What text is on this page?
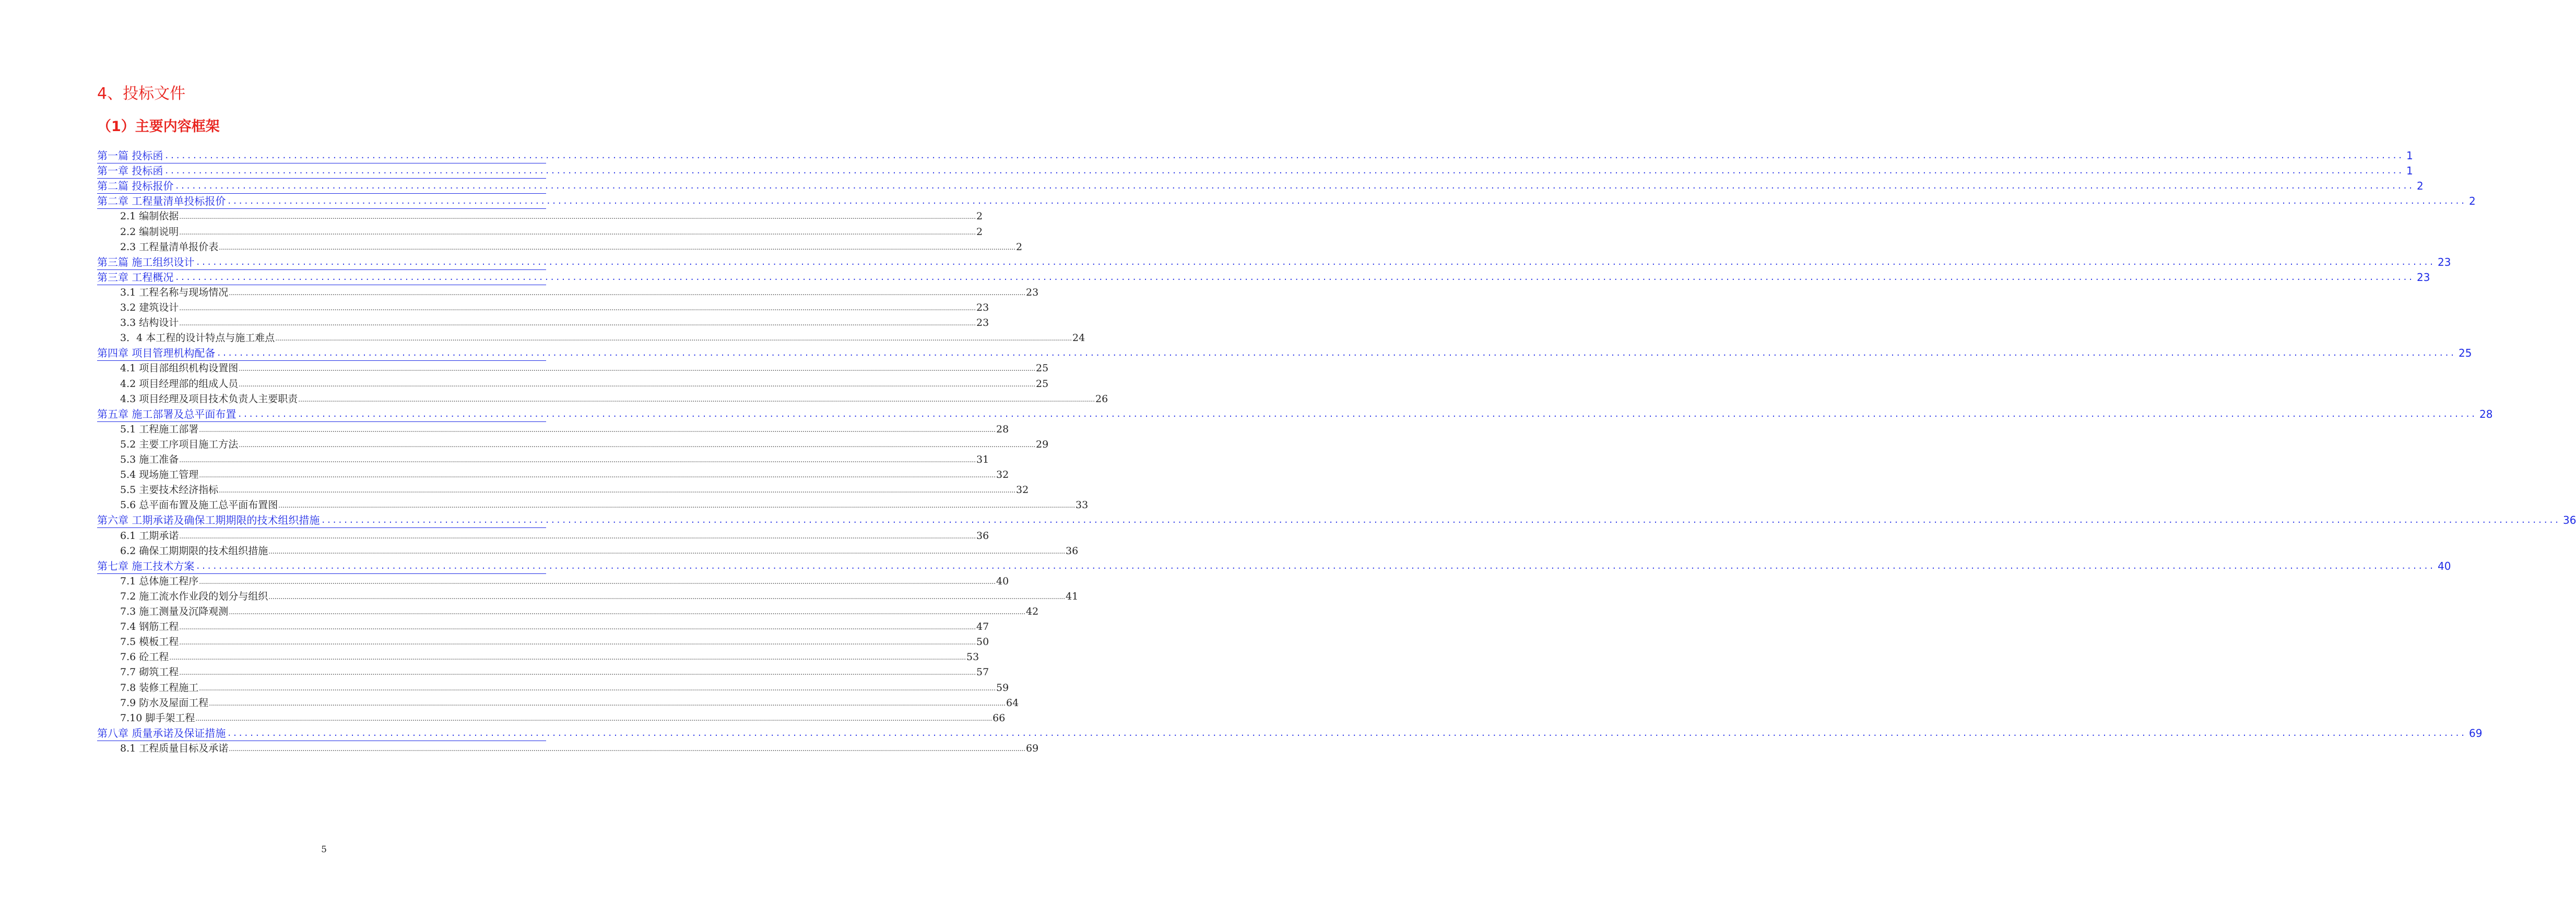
4、投标文件
（1）主要内容框架
第一篇 投标函 ................................................................................................................................................................................................................................................................................................................................................................................................................ 1
第一章 投标函 ................................................................................................................................................................................................................................................................................................................................................................................................................ 1
第二篇 投标报价 ................................................................................................................................................................................................................................................................................................................................................................................................................ 2
第二章 工程量清单投标报价 ................................................................................................................................................................................................................................................................................................................................................................................................................ 2
2.1 编制依据 ................................................................................................................................................................................................................................................................................................................................................................................................................ 2
2.2 编制说明 ................................................................................................................................................................................................................................................................................................................................................................................................................ 2
2.3 工程量清单报价表 ................................................................................................................................................................................................................................................................................................................................................................................................................ 2
第三篇 施工组织设计 ................................................................................................................................................................................................................................................................................................................................................................................................................ 23
第三章 工程概况 ................................................................................................................................................................................................................................................................................................................................................................................................................ 23
3.1 工程名称与现场情况 ................................................................................................................................................................................................................................................................................................................................................................................................................ 23
3.2 建筑设计 ................................................................................................................................................................................................................................................................................................................................................................................................................ 23
3.3 结构设计 ................................................................................................................................................................................................................................................................................................................................................................................................................ 23
3．4 本工程的设计特点与施工难点 ................................................................................................................................................................................................................................................................................................................................................................................................................ 24
第四章 项目管理机构配备 ................................................................................................................................................................................................................................................................................................................................................................................................................ 25
4.1 项目部组织机构设置图 ................................................................................................................................................................................................................................................................................................................................................................................................................ 25
4.2 项目经理部的组成人员 ................................................................................................................................................................................................................................................................................................................................................................................................................ 25
4.3 项目经理及项目技术负责人主要职责 ................................................................................................................................................................................................................................................................................................................................................................................................................ 26
第五章 施工部署及总平面布置 ................................................................................................................................................................................................................................................................................................................................................................................................................ 28
5.1 工程施工部署 ................................................................................................................................................................................................................................................................................................................................................................................................................ 28
5.2 主要工序项目施工方法 ................................................................................................................................................................................................................................................................................................................................................................................................................ 29
5.3 施工准备 ................................................................................................................................................................................................................................................................................................................................................................................................................ 31
5.4 现场施工管理 ................................................................................................................................................................................................................................................................................................................................................................................................................ 32
5.5 主要技术经济指标 ................................................................................................................................................................................................................................................................................................................................................................................................................ 32
5.6 总平面布置及施工总平面布置图 ................................................................................................................................................................................................................................................................................................................................................................................................................ 33
第六章 工期承诺及确保工期期限的技术组织措施 ................................................................................................................................................................................................................................................................................................................................................................................................................ 36
6.1 工期承诺 ................................................................................................................................................................................................................................................................................................................................................................................................................ 36
6.2 确保工期期限的技术组织措施 ................................................................................................................................................................................................................................................................................................................................................................................................................ 36
第七章 施工技术方案 ................................................................................................................................................................................................................................................................................................................................................................................................................ 40
7.1 总体施工程序 ................................................................................................................................................................................................................................................................................................................................................................................................................ 40
7.2 施工流水作业段的划分与组织 ................................................................................................................................................................................................................................................................................................................................................................................................................ 41
7.3 施工测量及沉降观测 ................................................................................................................................................................................................................................................................................................................................................................................................................ 42
7.4 钢筋工程 ................................................................................................................................................................................................................................................................................................................................................................................................................ 47
7.5 模板工程 ................................................................................................................................................................................................................................................................................................................................................................................................................ 50
7.6 砼工程 ................................................................................................................................................................................................................................................................................................................................................................................................................ 53
7.7 砌筑工程 ................................................................................................................................................................................................................................................................................................................................................................................................................ 57
7.8 装修工程施工 ................................................................................................................................................................................................................................................................................................................................................................................................................ 59
7.9 防水及屋面工程 ................................................................................................................................................................................................................................................................................................................................................................................................................ 64
7.10 脚手架工程 ................................................................................................................................................................................................................................................................................................................................................................................................................ 66
第八章 质量承诺及保证措施 ................................................................................................................................................................................................................................................................................................................................................................................................................ 69
8.1 工程质量目标及承诺 ................................................................................................................................................................................................................................................................................................................................................................................................................ 69
5
